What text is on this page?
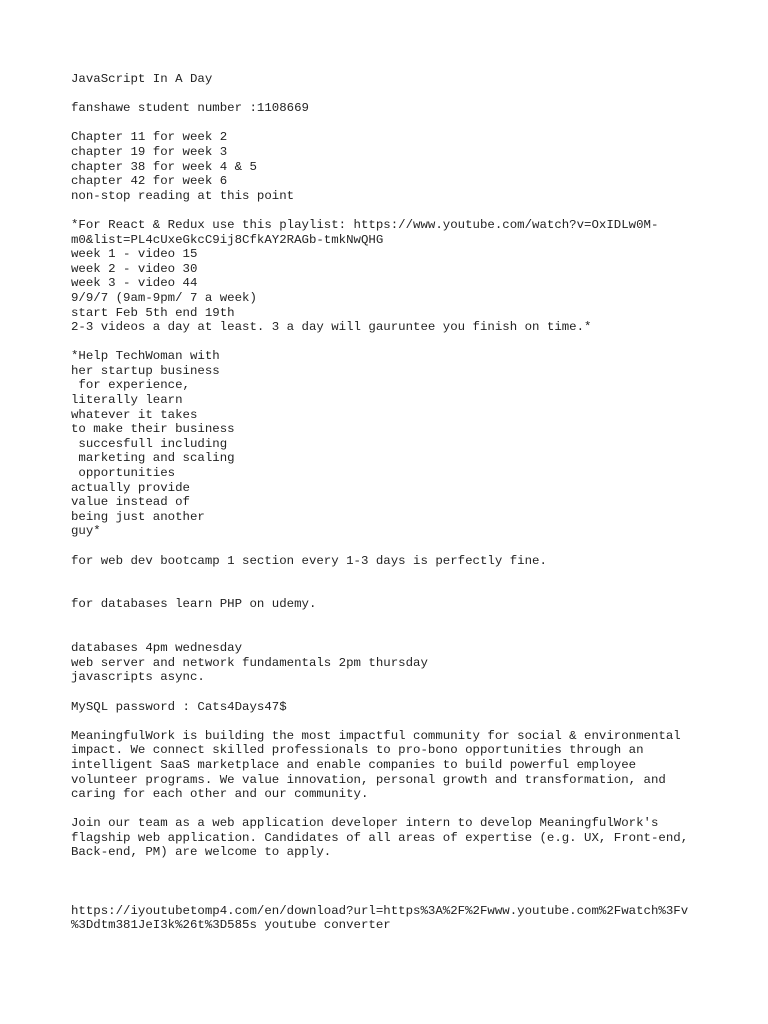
JavaScript In A Day
fanshawe student number :1108669
Chapter 11 for week 2
chapter 19 for week 3
chapter 38 for week 4 & 5
chapter 42 for week 6
non-stop reading at this point
*For React & Redux use this playlist: https://www.youtube.com/watch?v=OxIDLw0M-
m0&list=PL4cUxeGkcC9ij8CfkAY2RAGb-tmkNwQHG
week 1 - video 15
week 2 - video 30
week 3 - video 44
9/9/7 (9am-9pm/ 7 a week)
start Feb 5th end 19th
2-3 videos a day at least. 3 a day will gauruntee you finish on time.*
*Help TechWoman with
her startup business
for experience,
literally learn
whatever it takes
to make their business
succesfull including
marketing and scaling
opportunities
actually provide
value instead of
being just another
guy*
for web dev bootcamp 1 section every 1-3 days is perfectly fine.
for databases learn PHP on udemy.
databases 4pm wednesday
web server and network fundamentals 2pm thursday
javascripts async.
MySQL password : Cats4Days47$
MeaningfulWork is building the most impactful community for social & environmental
impact. We connect skilled professionals to pro-bono opportunities through an
intelligent SaaS marketplace and enable companies to build powerful employee
volunteer programs. We value innovation, personal growth and transformation, and
caring for each other and our community.
Join our team as a web application developer intern to develop MeaningfulWork's
flagship web application. Candidates of all areas of expertise (e.g. UX, Front-end,
Back-end, PM) are welcome to apply.
https://iyoutubetomp4.com/en/download?url=https%3A%2F%2Fwww.youtube.com%2Fwatch%3Fv
%3Ddtm381JeI3k%26t%3D585s youtube converter
